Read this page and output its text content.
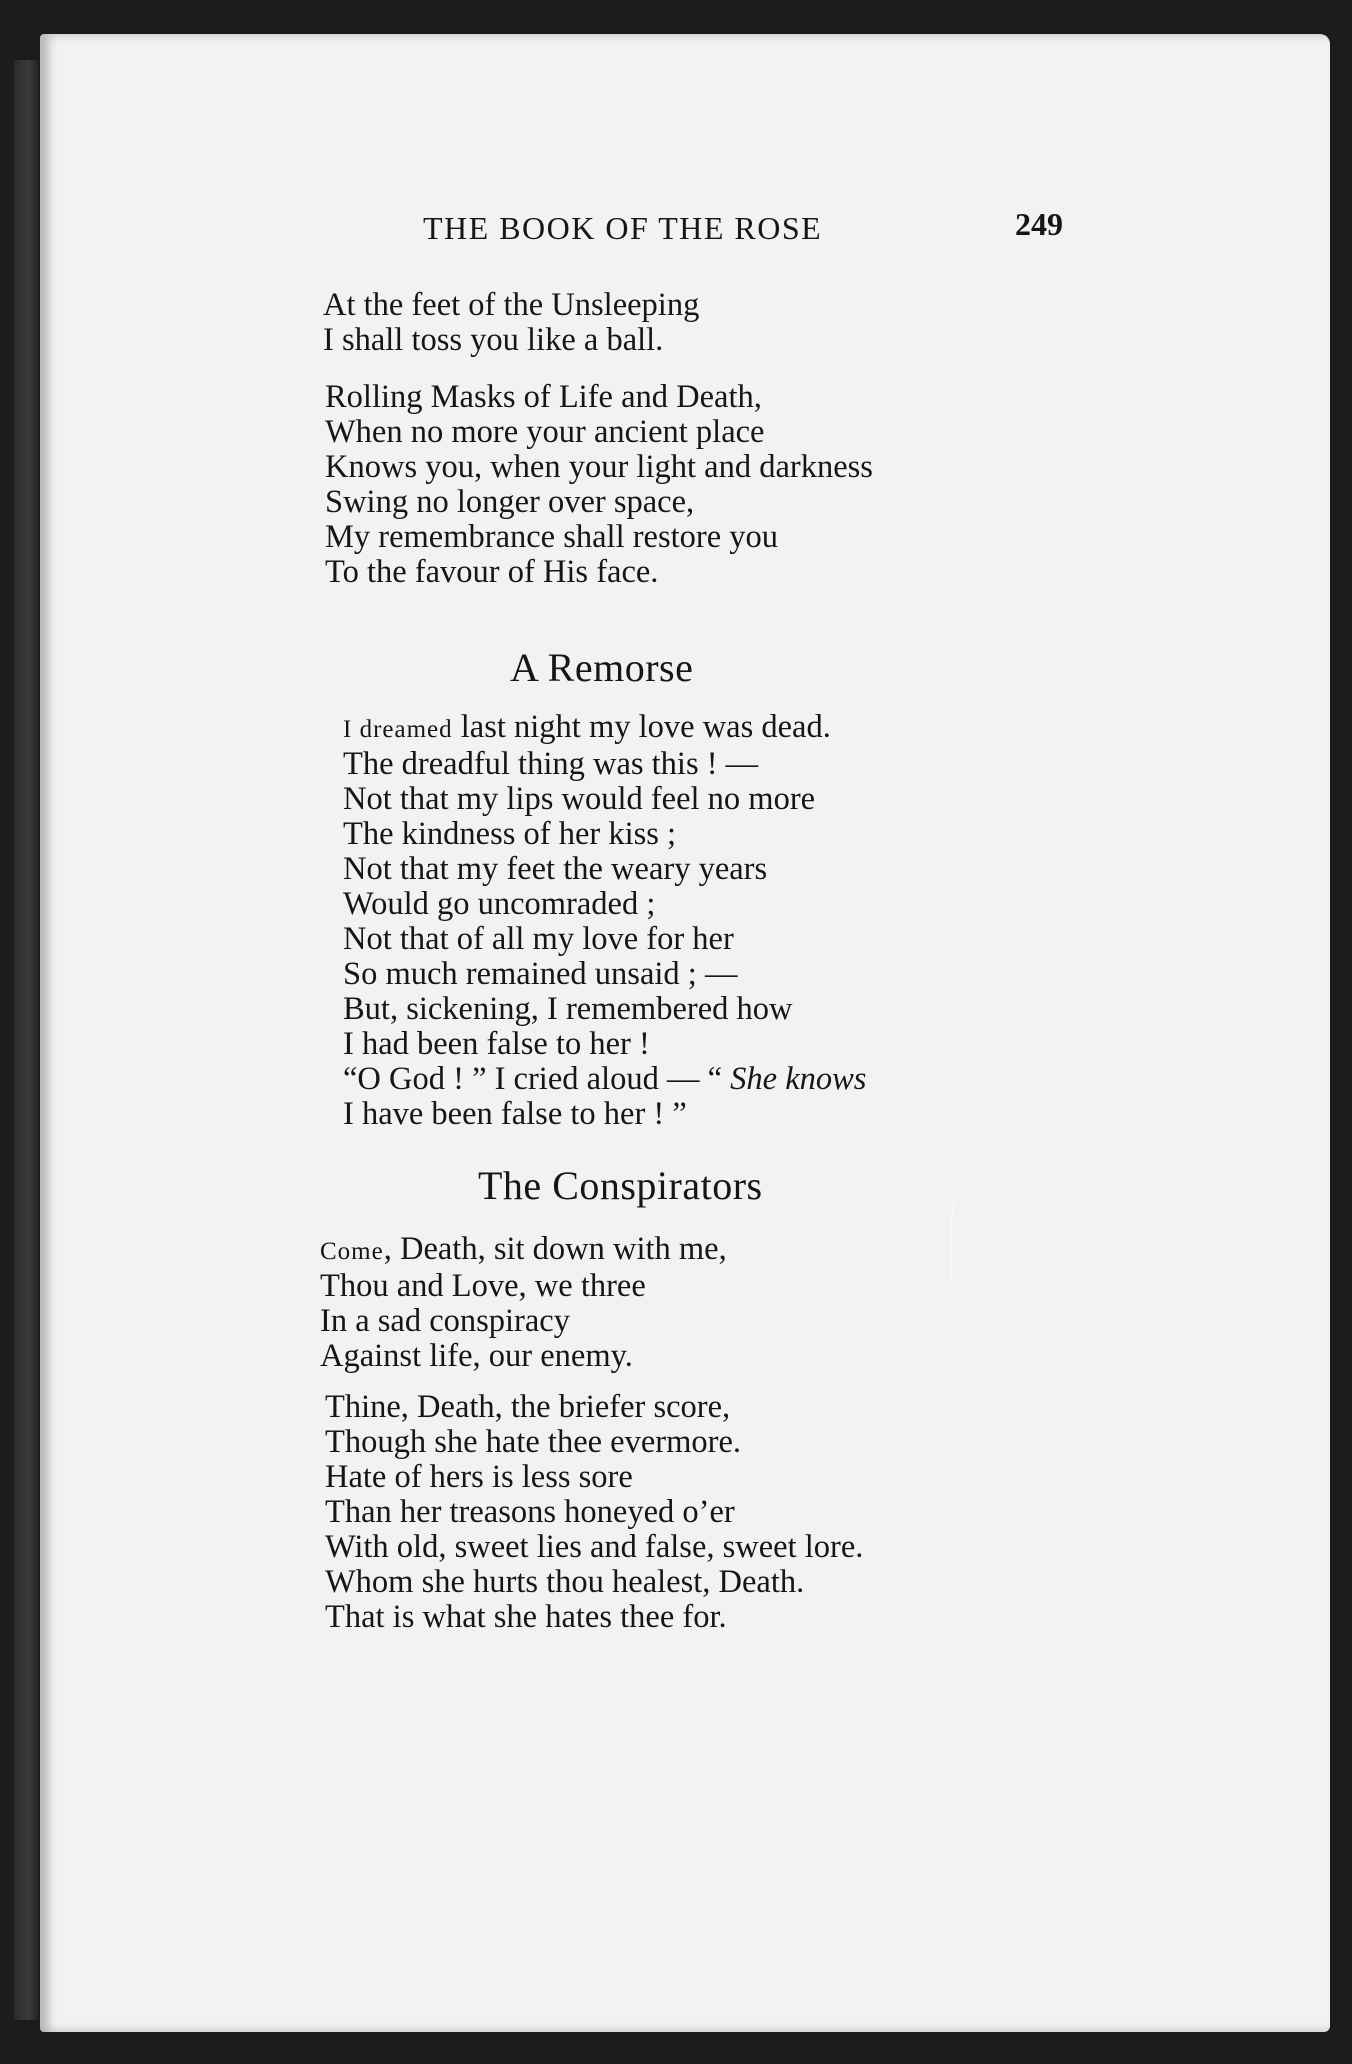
THE BOOK OF THE ROSE	249
At the feet of the Unsleeping
I shall toss you like a ball.
Rolling Masks of Life and Death,
When no more your ancient place
Knows you, when your light and darkness
Swing no longer over space,
My remembrance shall restore you
To the favour of His face.
A Remorse
I dreamed last night my love was dead.
The dreadful thing was this ! —
Not that my lips would feel no more
The kindness of her kiss ;
Not that my feet the weary years
Would go uncomraded ;
Not that of all my love for her
So much remained unsaid ; —
But, sickening, I remembered how
I had been false to her !
“O God ! ” I cried aloud — “ She knows
I have been false to her ! ”
The Conspirators
Come, Death, sit down with me,
Thou and Love, we three
In a sad conspiracy
Against life, our enemy.
Thine, Death, the briefer score,
Though she hate thee evermore.
Hate of hers is less sore
Than her treasons honeyed o’er
With old, sweet lies and false, sweet lore.
Whom she hurts thou healest, Death.
That is what she hates thee for.
